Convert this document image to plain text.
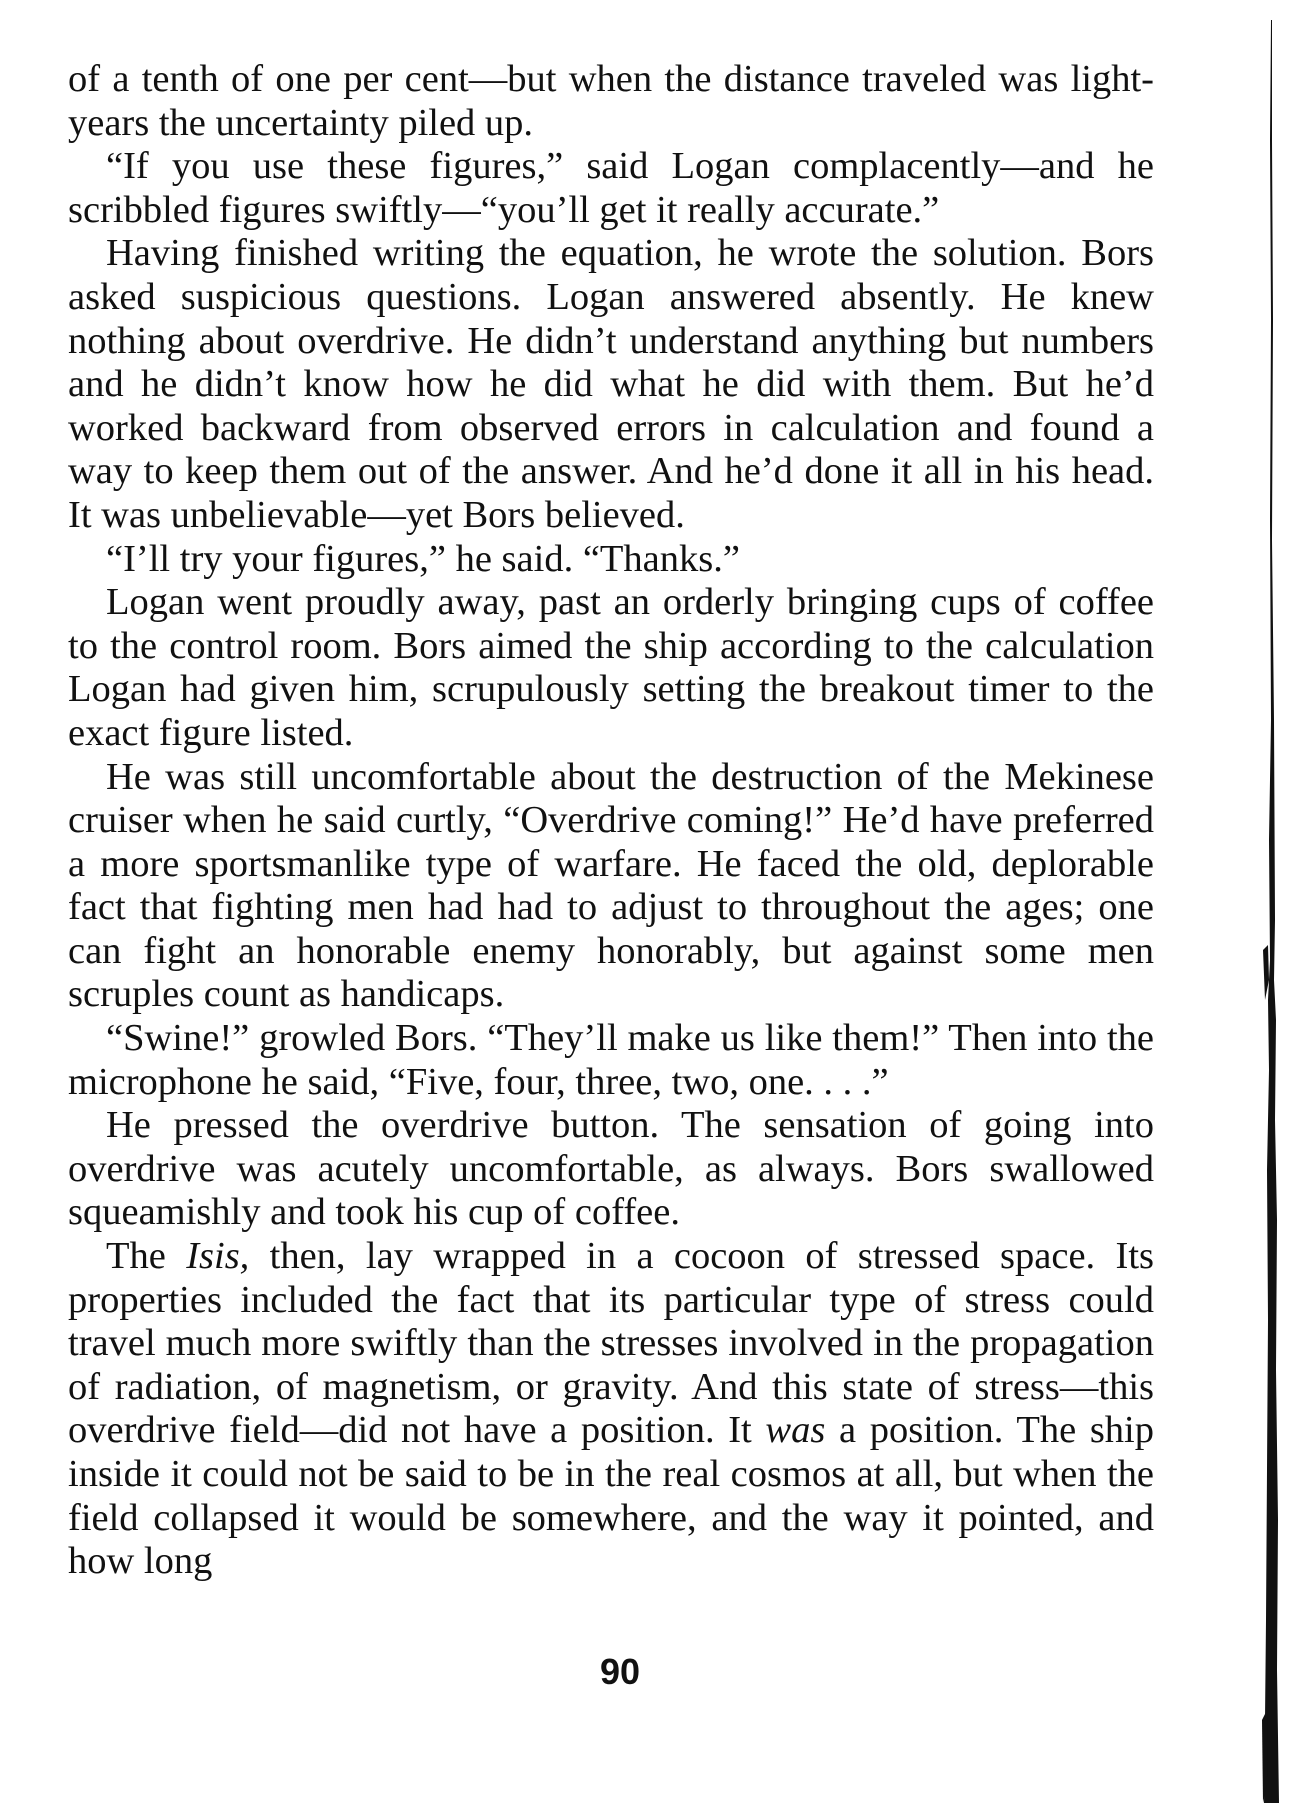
of a tenth of one per cent—but when the distance traveled was light-years the uncertainty piled up.

“If you use these figures,” said Logan complacently—and he scribbled figures swiftly—“you’ll get it really accurate.”

Having finished writing the equation, he wrote the solution. Bors asked suspicious questions. Logan answered absently. He knew nothing about overdrive. He didn’t understand anything but numbers and he didn’t know how he did what he did with them. But he’d worked backward from observed errors in calculation and found a way to keep them out of the answer. And he’d done it all in his head. It was unbelievable—yet Bors believed.

“I’ll try your figures,” he said. “Thanks.”

Logan went proudly away, past an orderly bringing cups of coffee to the control room. Bors aimed the ship according to the calculation Logan had given him, scrupulously setting the breakout timer to the exact figure listed.

He was still uncomfortable about the destruction of the Mekinese cruiser when he said curtly, “Overdrive coming!” He’d have preferred a more sportsmanlike type of warfare. He faced the old, deplorable fact that fighting men had had to adjust to throughout the ages; one can fight an honorable enemy honorably, but against some men scruples count as handicaps.

“Swine!” growled Bors. “They’ll make us like them!” Then into the microphone he said, “Five, four, three, two, one. . . .”

He pressed the overdrive button. The sensation of going into overdrive was acutely uncomfortable, as always. Bors swallowed squeamishly and took his cup of coffee.

The Isis, then, lay wrapped in a cocoon of stressed space. Its properties included the fact that its particular type of stress could travel much more swiftly than the stresses involved in the propagation of radiation, of magnetism, or gravity. And this state of stress—this overdrive field—did not have a position. It was a position. The ship inside it could not be said to be in the real cosmos at all, but when the field collapsed it would be somewhere, and the way it pointed, and how long

90
